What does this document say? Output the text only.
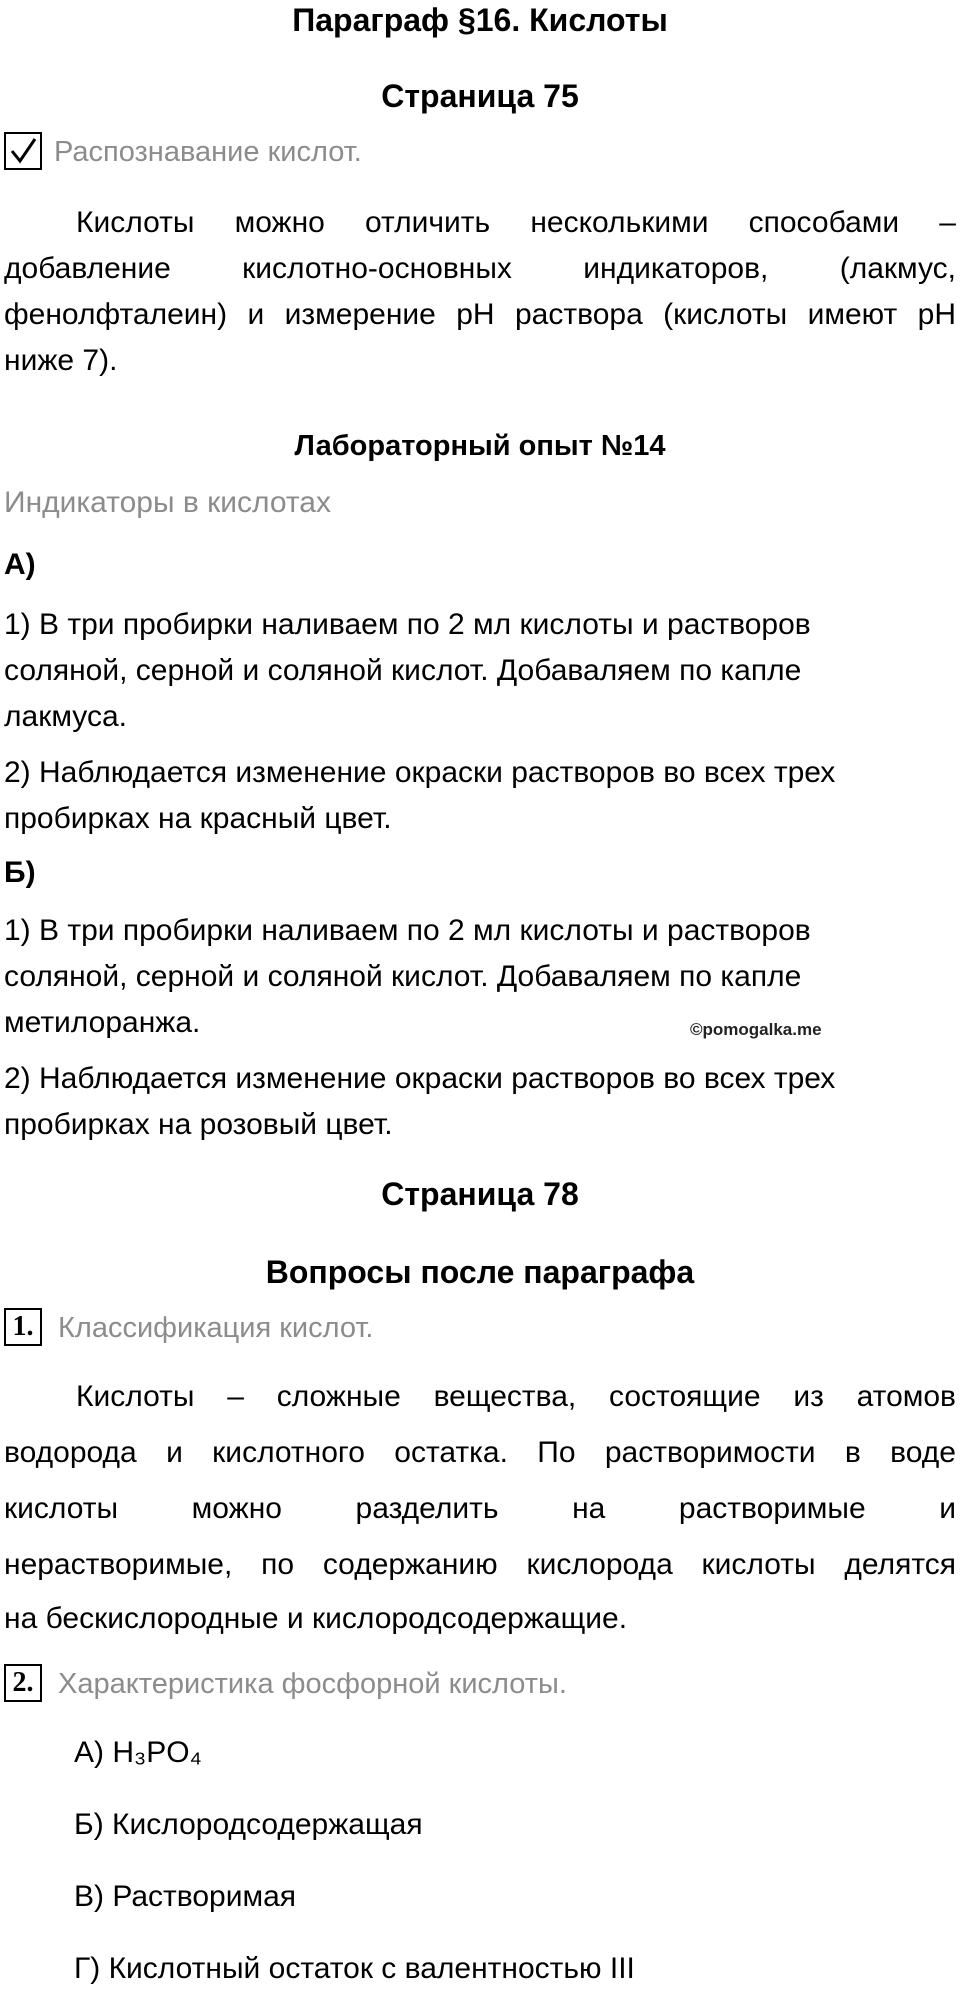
Параграф §16. Кислоты
Страница 75
Распознавание кислот.
Кислоты можно отличить несколькими способами –
добавление кислотно-основных индикаторов, (лакмус,
фенолфталеин) и измерение pH раствора (кислоты имеют pH
ниже 7).
Лабораторный опыт №14
Индикаторы в кислотах
А)
1) В три пробирки наливаем по 2 мл кислоты и растворов
соляной, серной и соляной кислот. Добаваляем по капле
лакмуса.
2) Наблюдается изменение окраски растворов во всех трех
пробирках на красный цвет.
Б)
1) В три пробирки наливаем по 2 мл кислоты и растворов
соляной, серной и соляной кислот. Добаваляем по капле
метилоранжа.	©pomogalka.me
2) Наблюдается изменение окраски растворов во всех трех
пробирках на розовый цвет.
Страница 78
Вопросы после параграфа
1. Классификация кислот.
Кислоты – сложные вещества, состоящие из атомов
водорода и кислотного остатка. По растворимости в воде
кислоты можно разделить на растворимые и
нерастворимые, по содержанию кислорода кислоты делятся
на бескислородные и кислородсодержащие.
2. Характеристика фосфорной кислоты.
А) H₃PO₄
Б) Кислородсодержащая
В) Растворимая
Г) Кислотный остаток с валентностью III
